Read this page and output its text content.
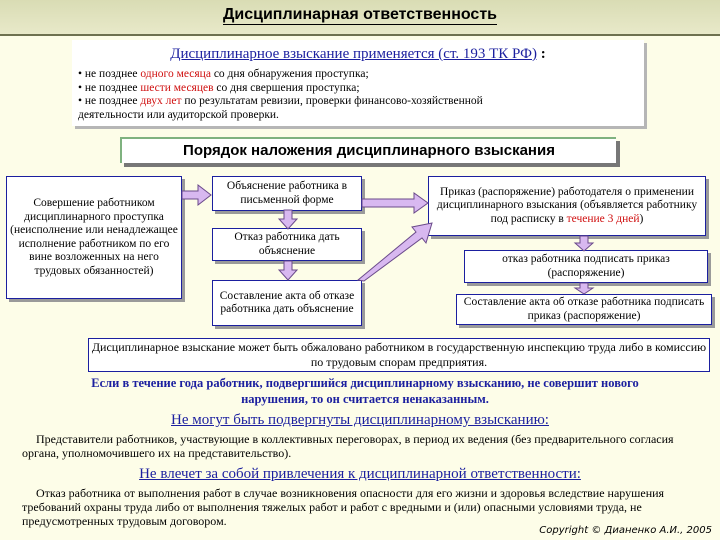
Дисциплинарная ответственность
Дисциплинарное взыскание применяется (ст. 193 ТК РФ) :
• не позднее одного месяца со дня обнаружения проступка;
• не позднее шести месяцев со дня свершения проступка;
• не позднее двух лет по результатам ревизии, проверки финансово-хозяйственной
деятельности или аудиторской проверки.
Порядок наложения дисциплинарного взыскания
Совершение работником дисциплинарного проступка (неисполнение или ненадлежащее исполнение работником по его вине возложенных на него трудовых обязанностей)
Объяснение работника в письменной форме
Отказ работника дать объяснение
Составление акта об отказе работника дать объяснение
Приказ (распоряжение) работодателя о применении дисциплинарного взыскания (объявляется работнику под расписку в течение 3 дней)
отказ работника подписать приказ (распоряжение)
Составление акта об отказе работника подписать приказ (распоряжение)
Дисциплинарное взыскание может быть обжаловано работником в государственную инспекцию труда либо в комиссию по трудовым спорам предприятия.
Если в течение года работник, подвергшийся дисциплинарному взысканию, не совершит нового нарушения, то он считается ненаказанным.
Не могут быть подвергнуты дисциплинарному взысканию:
Представители работников, участвующие в коллективных переговорах, в период их ведения (без предварительного согласия органа, уполномочившего их на представительство).
Не влечет за собой привлечения к дисциплинарной ответственности:
Отказ работника от выполнения работ в случае возникновения опасности для его жизни и здоровья вследствие нарушения требований охраны труда либо от выполнения тяжелых работ и работ с вредными и (или) опасными условиями труда, не предусмотренных трудовым договором.
Copyright © Дианенко А.И., 2005
